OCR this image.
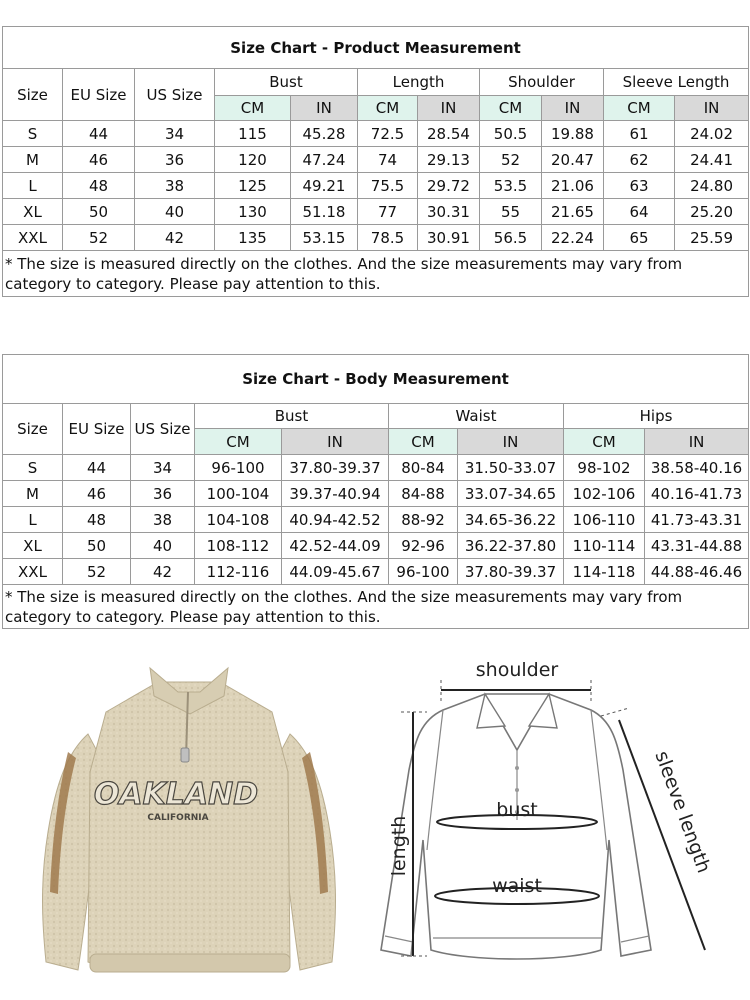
Size Chart - Product Measurement										
Size	EU Size	US Size	Bust		Length		Shoulder		Sleeve Length	
			CM	IN	CM	IN	CM	IN	CM	IN
S	44	34	115	45.28	72.5	28.54	50.5	19.88	61	24.02
M	46	36	120	47.24	74	29.13	52	20.47	62	24.41
L	48	38	125	49.21	75.5	29.72	53.5	21.06	63	24.80
XL	50	40	130	51.18	77	30.31	55	21.65	64	25.20
XXL	52	42	135	53.15	78.5	30.91	56.5	22.24	65	25.59
* The size is measured directly on the clothes. And the size measurements may vary from category to category. Please pay attention to this.										
Size Chart - Body Measurement								
Size	EU Size	US Size	Bust		Waist		Hips	
			CM	IN	CM	IN	CM	IN
S	44	34	96-100	37.80-39.37	80-84	31.50-33.07	98-102	38.58-40.16
M	46	36	100-104	39.37-40.94	84-88	33.07-34.65	102-106	40.16-41.73
L	48	38	104-108	40.94-42.52	88-92	34.65-36.22	106-110	41.73-43.31
XL	50	40	108-112	42.52-44.09	92-96	36.22-37.80	110-114	43.31-44.88
XXL	52	42	112-116	44.09-45.67	96-100	37.80-39.37	114-118	44.88-46.46
* The size is measured directly on the clothes. And the size measurements may vary from category to category. Please pay attention to this.								
OAKLAND
CALIFORNIA
shoulder
bust
waist
length	sleeve length
